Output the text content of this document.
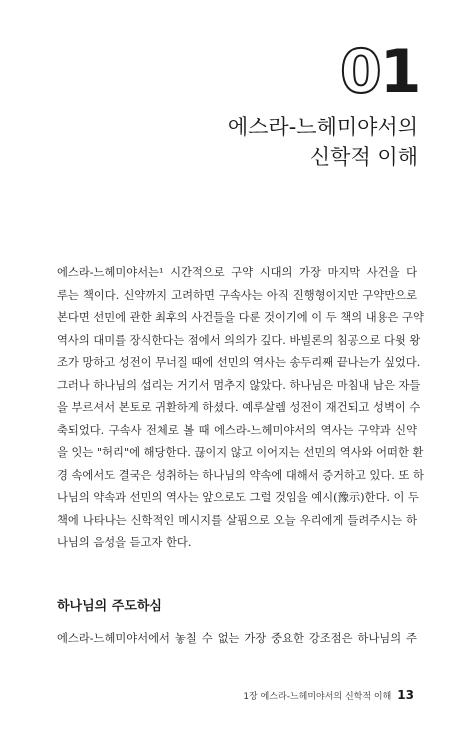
01
에스라-느헤미야서의
신학적 이해

에스라-느헤미야서는¹ 시간적으로 구약 시대의 가장 마지막 사건을 다
루는 책이다. 신약까지 고려하면 구속사는 아직 진행형이지만 구약만으로
본다면 선민에 관한 최후의 사건들을 다룬 것이기에 이 두 책의 내용은 구약
역사의 대미를 장식한다는 점에서 의의가 깊다. 바빌론의 침공으로 다윗 왕
조가 망하고 성전이 무너질 때에 선민의 역사는 송두리째 끝나는가 싶었다.
그러나 하나님의 섭리는 거기서 멈추지 않았다. 하나님은 마침내 남은 자들
을 부르셔서 본토로 귀환하게 하셨다. 예루살렘 성전이 재건되고 성벽이 수
축되었다. 구속사 전체로 볼 때 에스라-느헤미야서의 역사는 구약과 신약
을 잇는 "허리"에 해당한다. 끊이지 않고 이어지는 선민의 역사와 어떠한 환
경 속에서도 결국은 성취하는 하나님의 약속에 대해서 증거하고 있다. 또 하
나님의 약속과 선민의 역사는 앞으로도 그럴 것임을 예시(豫示)한다. 이 두
책에 나타나는 신학적인 메시지를 살핌으로 오늘 우리에게 들려주시는 하
나님의 음성을 듣고자 한다.

하나님의 주도하심

에스라-느헤미야서에서 놓칠 수 없는 가장 중요한 강조점은 하나님의 주

1장 에스라-느헤미야서의 신학적 이해 13
